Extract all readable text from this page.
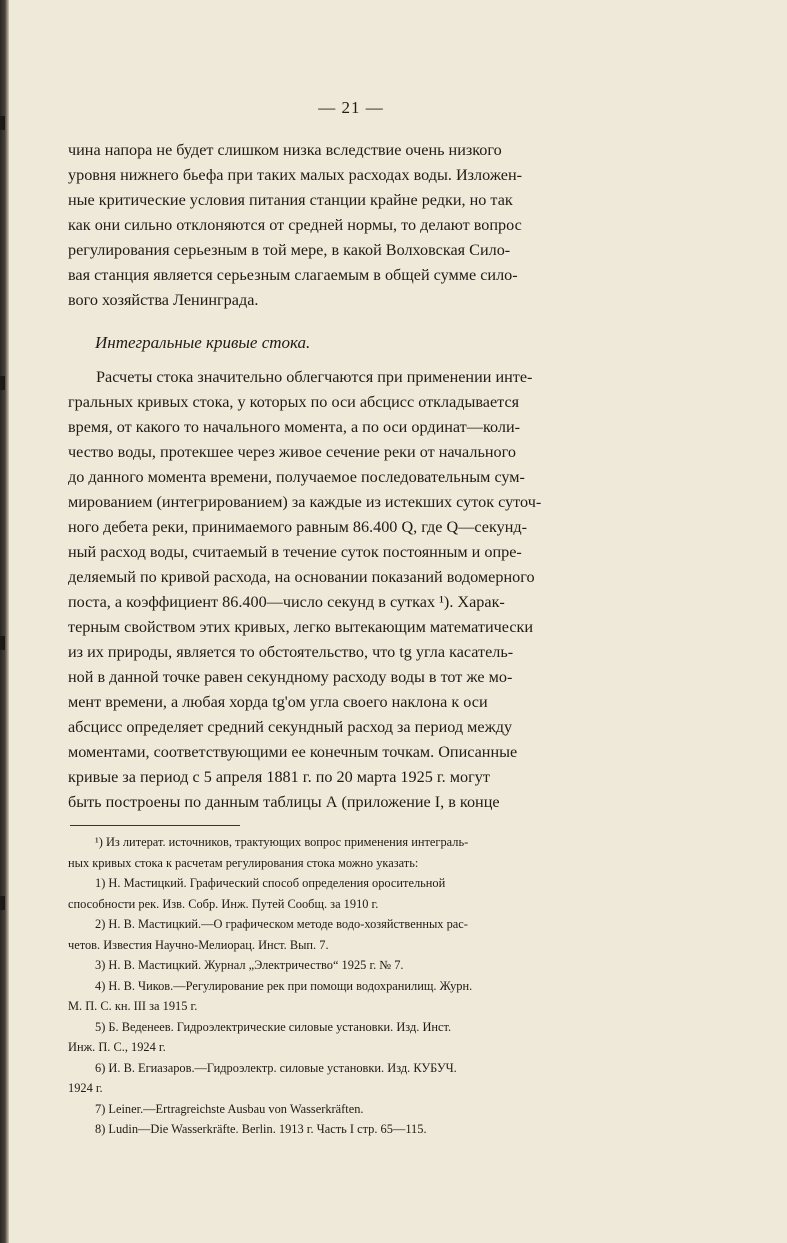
— 21 —

чина напора не будет слишком низка вследствие очень низкого
уровня нижнего бьефа при таких малых расходах воды. Изложен-
ные критические условия питания станции крайне редки, но так
как они сильно отклоняются от средней нормы, то делают вопрос
регулирования серьезным в той мере, в какой Волховская Сило-
вая станция является серьезным слагаемым в общей сумме сило-
вого хозяйства Ленинграда.

Интегральные кривые стока.

Расчеты стока значительно облегчаются при применении инте-
гральных кривых стока, у которых по оси абсцисс откладывается
время, от какого то начального момента, а по оси ординат—коли-
чество воды, протекшее через живое сечение реки от начального
до данного момента времени, получаемое последовательным сум-
мированием (интегрированием) за каждые из истекших суток суточ-
ного дебета реки, принимаемого равным 86.400 Q, где Q—секунд-
ный расход воды, считаемый в течение суток постоянным и опре-
деляемый по кривой расхода, на основании показаний водомерного
поста, а коэффициент 86.400—число секунд в сутках ¹). Харак-
терным свойством этих кривых, легко вытекающим математически
из их природы, является то обстоятельство, что tg угла касатель-
ной в данной точке равен секундному расходу воды в тот же мо-
мент времени, а любая хорда tg'ом угла своего наклона к оси
абсцисс определяет средний секундный расход за период между
моментами, соответствующими ее конечным точкам. Описанные
кривые за период с 5 апреля 1881 г. по 20 марта 1925 г. могут
быть построены по данным таблицы А (приложение I, в конце

¹) Из литерат. источников, трактующих вопрос применения интеграль-
ных кривых стока к расчетам регулирования стока можно указать:
1) Н. Мастицкий. Графический способ определения оросительной
способности рек. Изв. Собр. Инж. Путей Сообщ. за 1910 г.
2) Н. В. Мастицкий.—О графическом методе водо-хозяйственных рас-
четов. Известия Научно-Мелиорац. Инст. Вып. 7.
3) Н. В. Мастицкий. Журнал „Электричество“ 1925 г. № 7.
4) Н. В. Чиков.—Регулирование рек при помощи водохранилищ. Журн.
М. П. С. кн. III за 1915 г.
5) Б. Веденеев. Гидроэлектрические силовые установки. Изд. Инст.
Инж. П. С., 1924 г.
6) И. В. Егиазаров.—Гидроэлектр. силовые установки. Изд. КУБУЧ.
1924 г.
7) Leiner.—Ertragreichste Ausbau von Wasserkräften.
8) Ludin—Die Wasserkräfte. Berlin. 1913 г. Часть I стр. 65—115.
